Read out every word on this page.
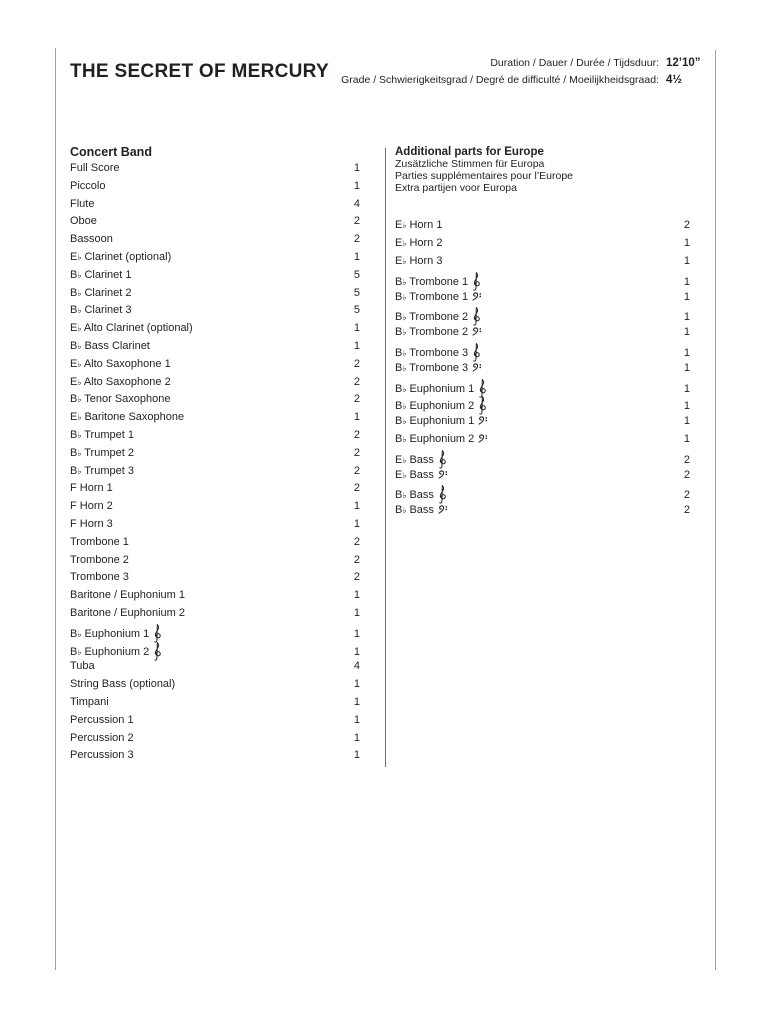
THE SECRET OF MERCURY	Duration / Dauer / Durée / Tijdsduur: 12’10”
Grade / Schwierigkeitsgrad / Degré de difficulté / Moeilijkheidsgraad: 4½
Concert Band
Full Score	1
Piccolo	1
Flute	4
Oboe	2
Bassoon	2
E♭ Clarinet (optional)	1
B♭ Clarinet 1	5
B♭ Clarinet 2	5
B♭ Clarinet 3	5
E♭ Alto Clarinet (optional)	1
B♭ Bass Clarinet	1
E♭ Alto Saxophone 1	2
E♭ Alto Saxophone 2	2
B♭ Tenor Saxophone	2
E♭ Baritone Saxophone	1
B♭ Trumpet 1	2
B♭ Trumpet 2	2
B♭ Trumpet 3	2
F Horn 1	2
F Horn 2	1
F Horn 3	1
Trombone 1	2
Trombone 2	2
Trombone 3	2
Baritone / Euphonium 1	1
Baritone / Euphonium 2	1
B♭ Euphonium 1	1
B♭ Euphonium 2	1
Tuba	4
String Bass (optional)	1
Timpani	1
Percussion 1	1
Percussion 2	1
Percussion 3	1
Additional parts for Europe
Zusätzliche Stimmen für Europa
Parties supplémentaires pour l’Europe
Extra partijen voor Europa
E♭ Horn 1	2
E♭ Horn 2	1
E♭ Horn 3	1
B♭ Trombone 1	1
B♭ Trombone 1	1
B♭ Trombone 2	1
B♭ Trombone 2	1
B♭ Trombone 3	1
B♭ Trombone 3	1
B♭ Euphonium 1	1
B♭ Euphonium 2	1
B♭ Euphonium 1	1
B♭ Euphonium 2	1
E♭ Bass	2
E♭ Bass	2
B♭ Bass	2
B♭ Bass	2
